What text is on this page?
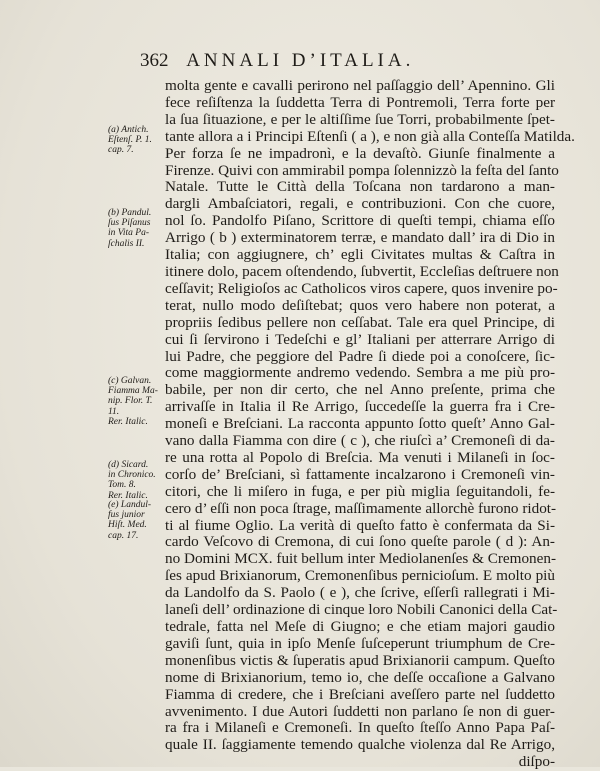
362 ANNALI D’ITALIA.
molta gente e cavalli perirono nel paſſaggio dell’ Apennino. Gli
fece reſiſtenza la ſuddetta Terra di Pontremoli, Terra forte per
la ſua ſituazione, e per le altiſſime ſue Torri, probabilmente ſpet-
tante allora a i Principi Eſtenſi ( a ), e non già alla Conteſſa Matilda.
Per forza ſe ne impadronì, e la devaſtò. Giunſe finalmente a
Firenze. Quivi con ammirabil pompa ſolennizzò la feſta del ſanto
Natale. Tutte le Città della Toſcana non tardarono a man-
dargli Ambaſciatori, regali, e contribuzioni. Con che cuore,
nol ſo. Pandolfo Piſano, Scrittore di queſti tempi, chiama eſſo
Arrigo ( b ) exterminatorem terræ, e mandato dall’ ira di Dio in
Italia; con aggiugnere, ch’ egli Civitates multas & Caſtra in
itinere dolo, pacem oſtendendo, ſubvertit, Eccleſias deſtruere non
ceſſavit; Religioſos ac Catholicos viros capere, quos invenire po-
terat, nullo modo deſiſtebat; quos vero habere non poterat, a
propriis ſedibus pellere non ceſſabat. Tale era quel Principe, di
cui ſi ſervirono i Tedeſchi e gl’ Italiani per atterrare Arrigo di
lui Padre, che peggiore del Padre ſi diede poi a conoſcere, ſic-
come maggiormente andremo vedendo. Sembra a me più pro-
babile, per non dir certo, che nel Anno preſente, prima che
arrivaſſe in Italia il Re Arrigo, ſuccedeſſe la guerra fra i Cre-
moneſi e Breſciani. La racconta appunto ſotto queſt’ Anno Gal-
vano dalla Fiamma con dire ( c ), che riuſcì a’ Cremoneſi di da-
re una rotta al Popolo di Breſcia. Ma venuti i Milaneſi in ſoc-
corſo de’ Breſciani, sì fattamente incalzarono i Cremoneſi vin-
citori, che li miſero in fuga, e per più miglia ſeguitandoli, fe-
cero d’ eſſi non poca ſtrage, maſſimamente allorchè furono ridot-
ti al fiume Oglio. La verità di queſto fatto è confermata da Si-
cardo Veſcovo di Cremona, di cui ſono queſte parole ( d ): An-
no Domini MCX. fuit bellum inter Mediolanenſes & Cremonen-
ſes apud Brixianorum, Cremonenſibus pernicioſum. E molto più
da Landolfo da S. Paolo ( e ), che ſcrive, eſſerſi rallegrati i Mi-
laneſi dell’ ordinazione di cinque loro Nobili Canonici della Cat-
tedrale, fatta nel Meſe di Giugno; e che etiam majori gaudio
gaviſi ſunt, quia in ipſo Menſe ſuſceperunt triumphum de Cre-
monenſibus victis & ſuperatis apud Brixianorii campum. Queſto
nome di Brixianorium, temo io, che deſſe occaſione a Galvano
Fiamma di credere, che i Breſciani aveſſero parte nel ſuddetto
avvenimento. I due Autori ſuddetti non parlano ſe non di guer-
ra fra i Milaneſi e Cremoneſi. In queſto ſteſſo Anno Papa Paſ-
quale II. ſaggiamente temendo qualche violenza dal Re Arrigo,
diſpo-
(a) Antich.
Eſtenſ. P. 1.
cap. 7.
(b) Pandul.
ſus Piſanus
in Vita Pa-
ſchalis II.
(c) Galvan.
Fiamma Ma-
nip. Flor. T. 11.
Rer. Italic.
(d) Sicard.
in Chronico.
Tom. 8.
Rer. Italic.
(e) Landul-
fus junior
Hiſt. Med.
cap. 17.
